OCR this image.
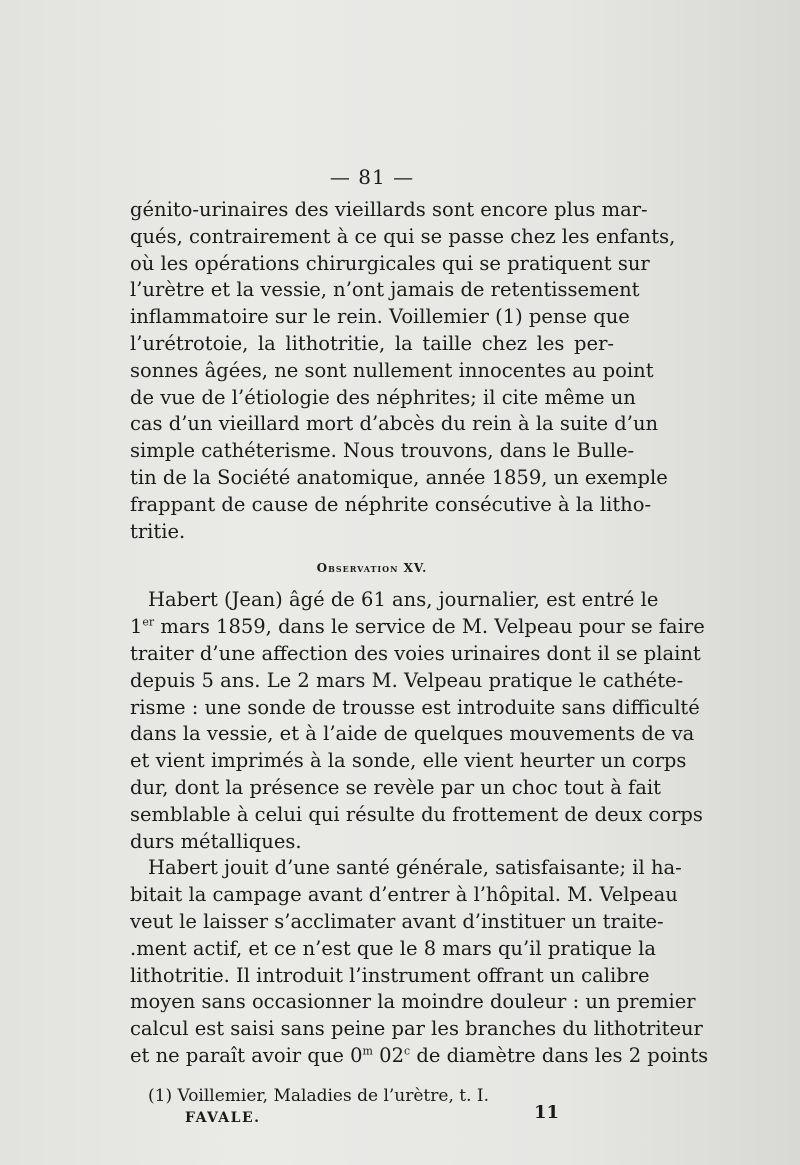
— 81 —
génito-urinaires des vieillards sont encore plus mar-
qués, contrairement à ce qui se passe chez les enfants,
où les opérations chirurgicales qui se pratiquent sur
l’urètre et la vessie, n’ont jamais de retentissement
inflammatoire sur le rein. Voillemier (1) pense que
l’urétrotoie, la lithotritie, la taille chez les per-
sonnes âgées, ne sont nullement innocentes au point
de vue de l’étiologie des néphrites; il cite même un
cas d’un vieillard mort d’abcès du rein à la suite d’un
simple cathéterisme. Nous trouvons, dans le Bulle-
tin de la Société anatomique, année 1859, un exemple
frappant de cause de néphrite consécutive à la litho-
tritie.
Observation XV.
Habert (Jean) âgé de 61 ans, journalier, est entré le
1er mars 1859, dans le service de M. Velpeau pour se faire
traiter d’une affection des voies urinaires dont il se plaint
depuis 5 ans. Le 2 mars M. Velpeau pratique le cathéte-
risme : une sonde de trousse est introduite sans difficulté
dans la vessie, et à l’aide de quelques mouvements de va
et vient imprimés à la sonde, elle vient heurter un corps
dur, dont la présence se revèle par un choc tout à fait
semblable à celui qui résulte du frottement de deux corps
durs métalliques.
Habert jouit d’une santé générale, satisfaisante; il ha-
bitait la campage avant d’entrer à l’hôpital. M. Velpeau
veut le laisser s’acclimater avant d’instituer un traite-
.ment actif, et ce n’est que le 8 mars qu’il pratique la
lithotritie. Il introduit l’instrument offrant un calibre
moyen sans occasionner la moindre douleur : un premier
calcul est saisi sans peine par les branches du lithotriteur
et ne paraît avoir que 0$^m$ 02$^c$ de diamètre dans les 2 points
(1) Voillemier, Maladies de l’urètre, t. I.
FAVALE.	11
